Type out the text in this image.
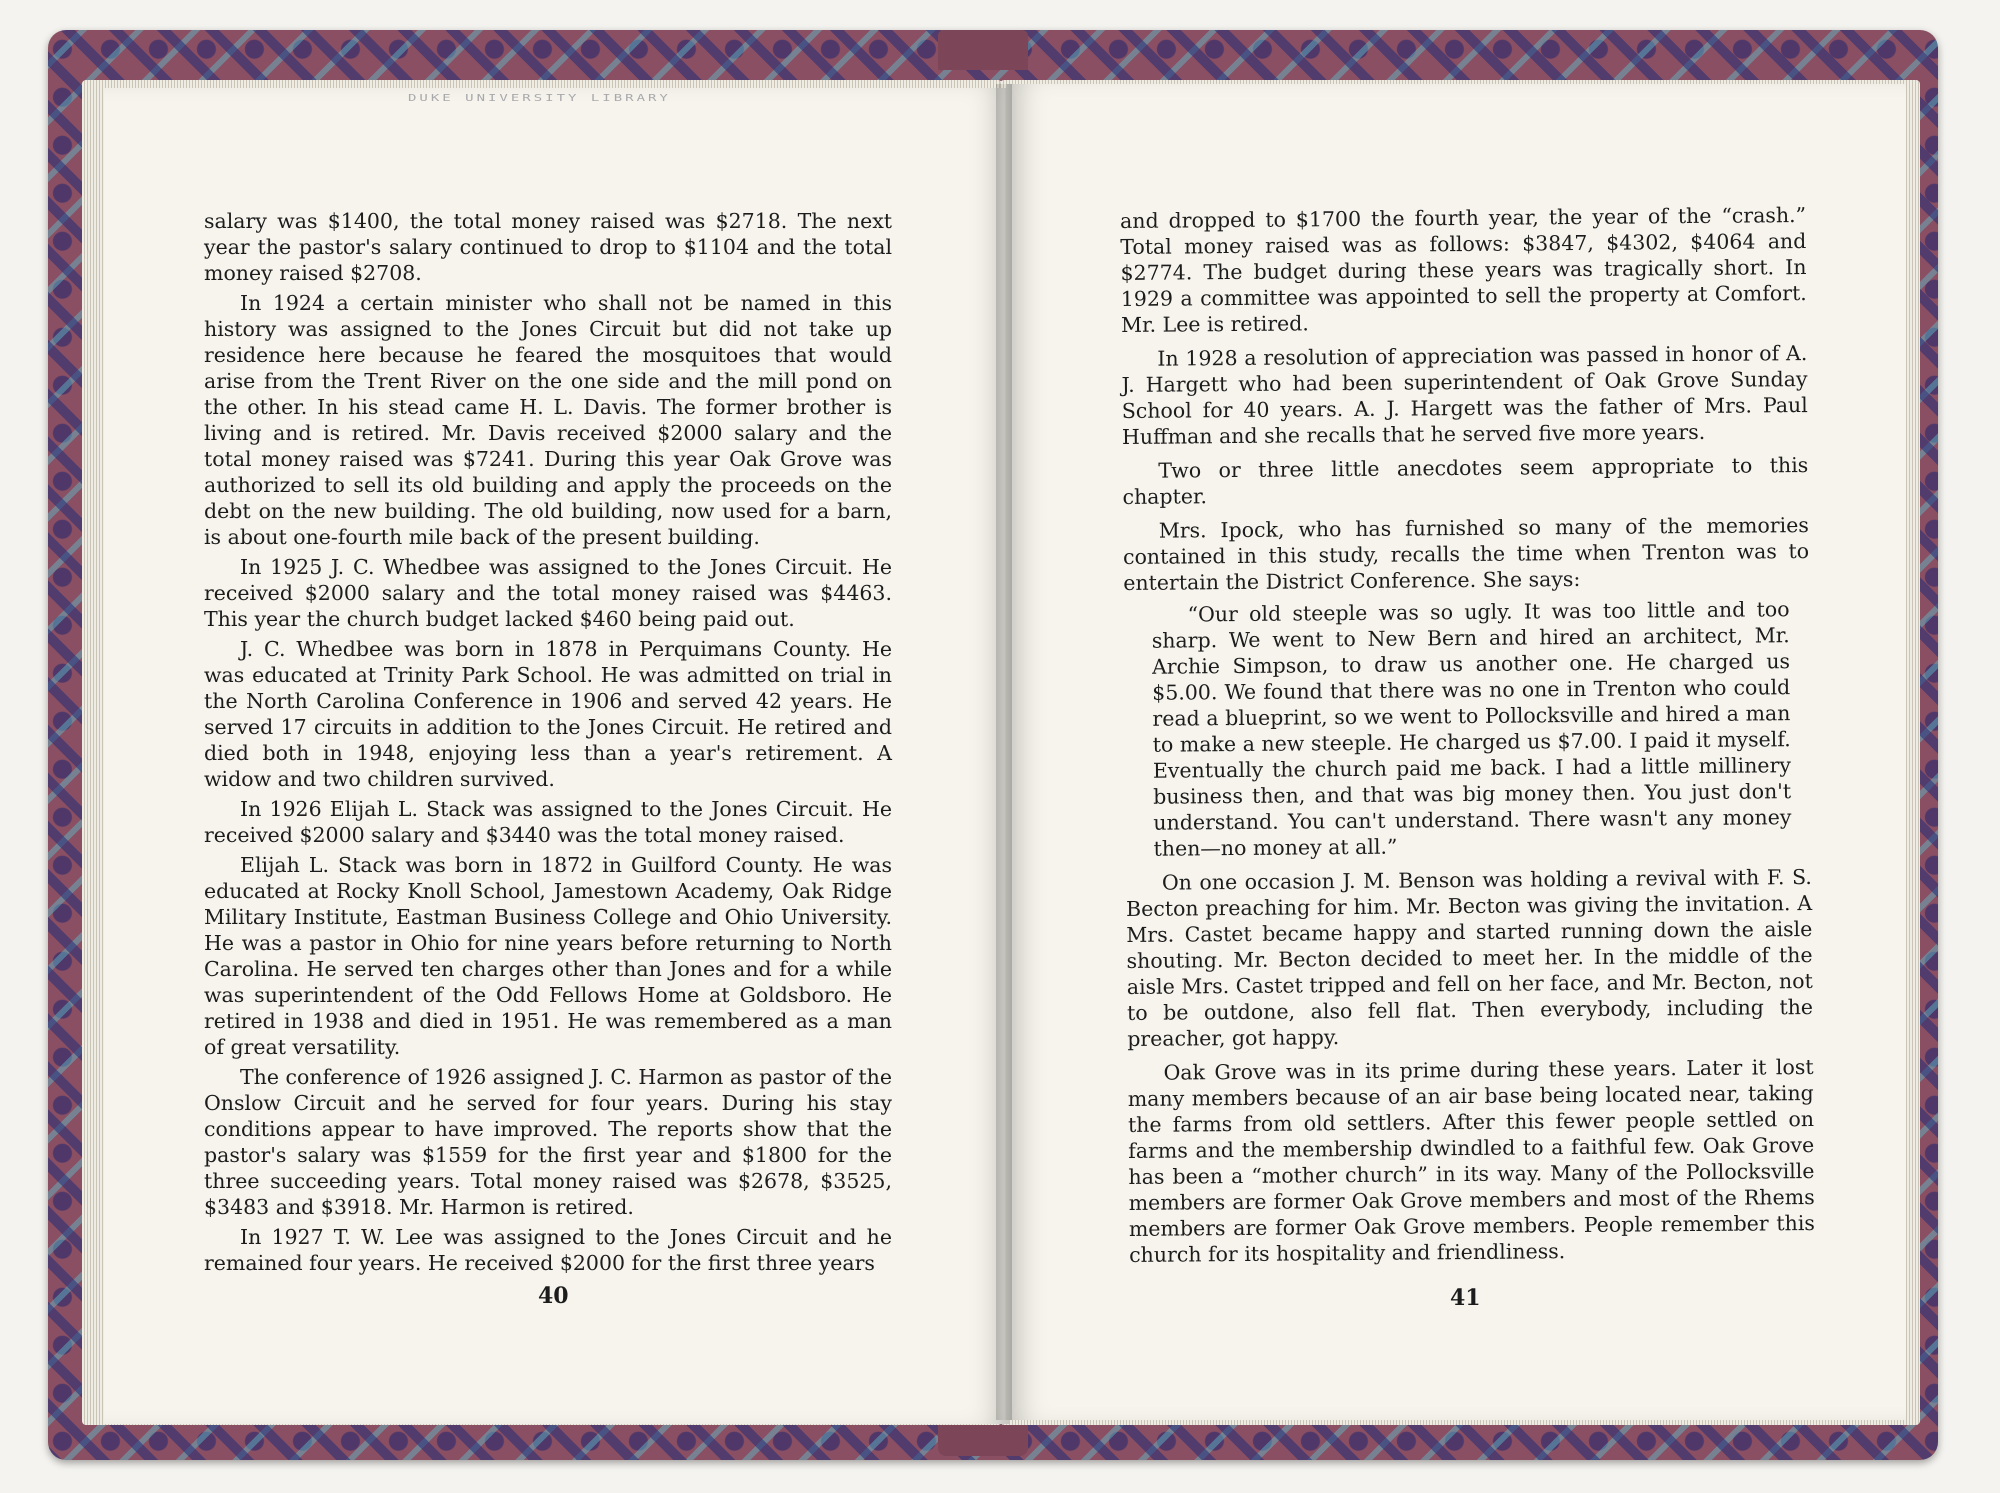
DUKE UNIVERSITY LIBRARY

salary was $1400, the total money raised was $2718. The next year the pastor's salary continued to drop to $1104 and the total money raised $2708.

In 1924 a certain minister who shall not be named in this history was assigned to the Jones Circuit but did not take up residence here because he feared the mosquitoes that would arise from the Trent River on the one side and the mill pond on the other. In his stead came H. L. Davis. The former brother is living and is retired. Mr. Davis received $2000 salary and the total money raised was $7241. During this year Oak Grove was authorized to sell its old building and apply the proceeds on the debt on the new building. The old building, now used for a barn, is about one-fourth mile back of the present building.

In 1925 J. C. Whedbee was assigned to the Jones Circuit. He received $2000 salary and the total money raised was $4463. This year the church budget lacked $460 being paid out.

J. C. Whedbee was born in 1878 in Perquimans County. He was educated at Trinity Park School. He was admitted on trial in the North Carolina Conference in 1906 and served 42 years. He served 17 circuits in addition to the Jones Circuit. He retired and died both in 1948, enjoying less than a year's retirement. A widow and two children survived.

In 1926 Elijah L. Stack was assigned to the Jones Circuit. He received $2000 salary and $3440 was the total money raised.

Elijah L. Stack was born in 1872 in Guilford County. He was educated at Rocky Knoll School, Jamestown Academy, Oak Ridge Military Institute, Eastman Business College and Ohio University. He was a pastor in Ohio for nine years before returning to North Carolina. He served ten charges other than Jones and for a while was superintendent of the Odd Fellows Home at Goldsboro. He retired in 1938 and died in 1951. He was remembered as a man of great versatility.

The conference of 1926 assigned J. C. Harmon as pastor of the Onslow Circuit and he served for four years. During his stay conditions appear to have improved. The reports show that the pastor's salary was $1559 for the first year and $1800 for the three succeeding years. Total money raised was $2678, $3525, $3483 and $3918. Mr. Harmon is retired.

In 1927 T. W. Lee was assigned to the Jones Circuit and he remained four years. He received $2000 for the first three years

40

and dropped to $1700 the fourth year, the year of the “crash.” Total money raised was as follows: $3847, $4302, $4064 and $2774. The budget during these years was tragically short. In 1929 a committee was appointed to sell the property at Comfort. Mr. Lee is retired.

In 1928 a resolution of appreciation was passed in honor of A. J. Hargett who had been superintendent of Oak Grove Sunday School for 40 years. A. J. Hargett was the father of Mrs. Paul Huffman and she recalls that he served five more years.

Two or three little anecdotes seem appropriate to this chapter.

Mrs. Ipock, who has furnished so many of the memories contained in this study, recalls the time when Trenton was to entertain the District Conference. She says:

“Our old steeple was so ugly. It was too little and too sharp. We went to New Bern and hired an architect, Mr. Archie Simpson, to draw us another one. He charged us $5.00. We found that there was no one in Trenton who could read a blueprint, so we went to Pollocksville and hired a man to make a new steeple. He charged us $7.00. I paid it myself. Eventually the church paid me back. I had a little millinery business then, and that was big money then. You just don't understand. You can't understand. There wasn't any money then—no money at all.”

On one occasion J. M. Benson was holding a revival with F. S. Becton preaching for him. Mr. Becton was giving the invitation. A Mrs. Castet became happy and started running down the aisle shouting. Mr. Becton decided to meet her. In the middle of the aisle Mrs. Castet tripped and fell on her face, and Mr. Becton, not to be outdone, also fell flat. Then everybody, including the preacher, got happy.

Oak Grove was in its prime during these years. Later it lost many members because of an air base being located near, taking the farms from old settlers. After this fewer people settled on farms and the membership dwindled to a faithful few. Oak Grove has been a “mother church” in its way. Many of the Pollocksville members are former Oak Grove members and most of the Rhems members are former Oak Grove members. People remember this church for its hospitality and friendliness.

41
